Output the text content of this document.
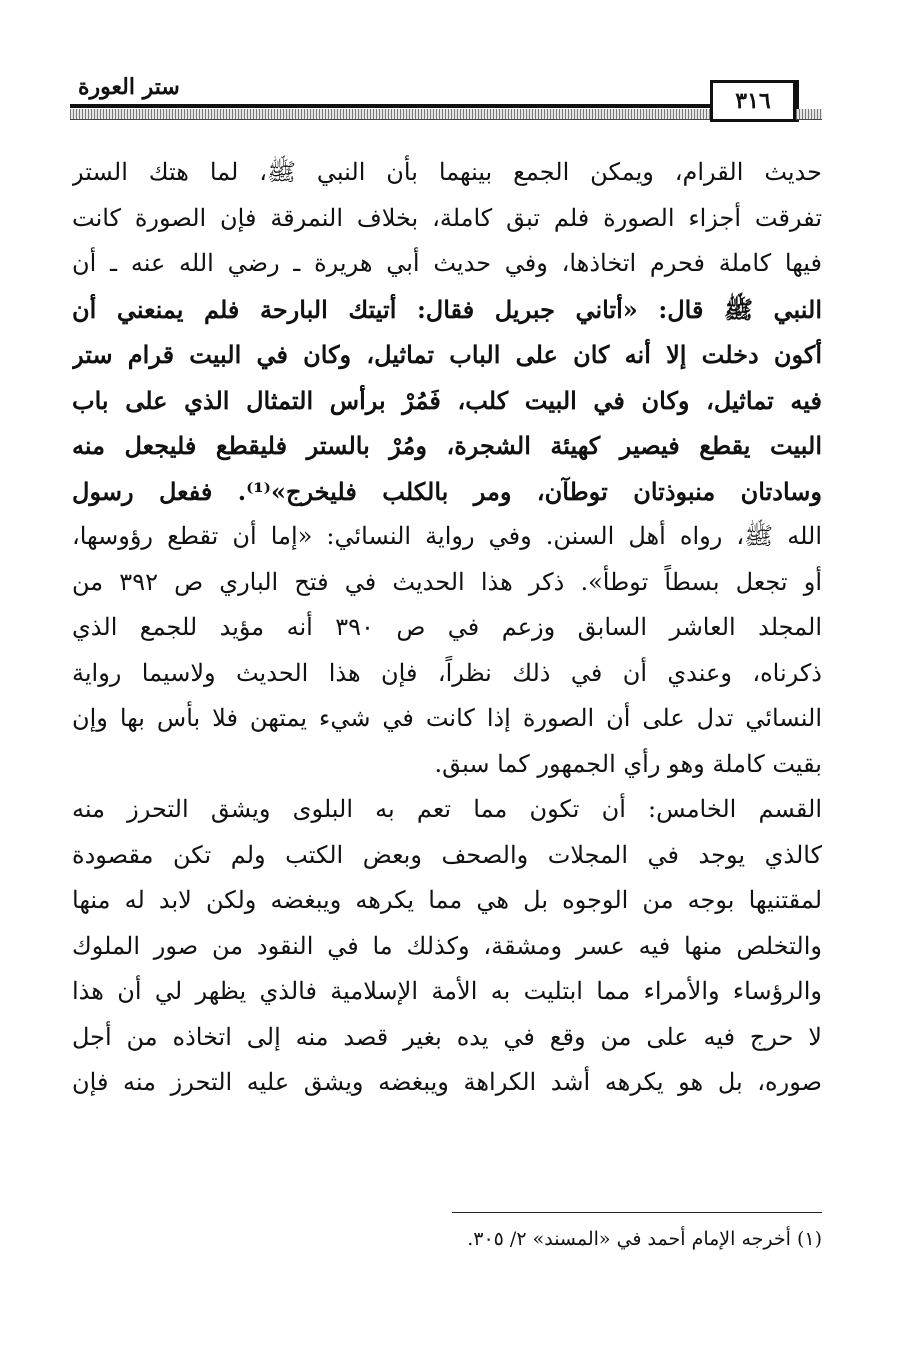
ستر العورة
٣١٦
حديث القرام، ويمكن الجمع بينهما بأن النبي ﷺ، لما هتك الستر
تفرقت أجزاء الصورة فلم تبق كاملة، بخلاف النمرقة فإن الصورة كانت
فيها كاملة فحرم اتخاذها، وفي حديث أبي هريرة ـ رضي الله عنه ـ أن
النبي ﷺ قال: «أتاني جبريل فقال: أتيتك البارحة فلم يمنعني أن
أكون دخلت إلا أنه كان على الباب تماثيل، وكان في البيت قرام ستر
فيه تماثيل، وكان في البيت كلب، فَمُرْ برأس التمثال الذي على باب
البيت يقطع فيصير كهيئة الشجرة، ومُرْ بالستر فليقطع فليجعل منه
وسادتان منبوذتان توطآن، ومر بالكلب فليخرج»⁽¹⁾. ففعل رسول
الله ﷺ، رواه أهل السنن. وفي رواية النسائي: «إما أن تقطع رؤوسها،
أو تجعل بسطاً توطأ». ذكر هذا الحديث في فتح الباري ص ٣٩٢ من
المجلد العاشر السابق وزعم في ص ٣٩٠ أنه مؤيد للجمع الذي
ذكرناه، وعندي أن في ذلك نظراً، فإن هذا الحديث ولاسيما رواية
النسائي تدل على أن الصورة إذا كانت في شيء يمتهن فلا بأس بها وإن
بقيت كاملة وهو رأي الجمهور كما سبق.
القسم الخامس: أن تكون مما تعم به البلوى ويشق التحرز منه
كالذي يوجد في المجلات والصحف وبعض الكتب ولم تكن مقصودة
لمقتنيها بوجه من الوجوه بل هي مما يكرهه ويبغضه ولكن لابد له منها
والتخلص منها فيه عسر ومشقة، وكذلك ما في النقود من صور الملوك
والرؤساء والأمراء مما ابتليت به الأمة الإسلامية فالذي يظهر لي أن هذا
لا حرج فيه على من وقع في يده بغير قصد منه إلى اتخاذه من أجل
صوره، بل هو يكرهه أشد الكراهة ويبغضه ويشق عليه التحرز منه فإن
(١) أخرجه الإمام أحمد في «المسند» ٢/ ٣٠٥.
